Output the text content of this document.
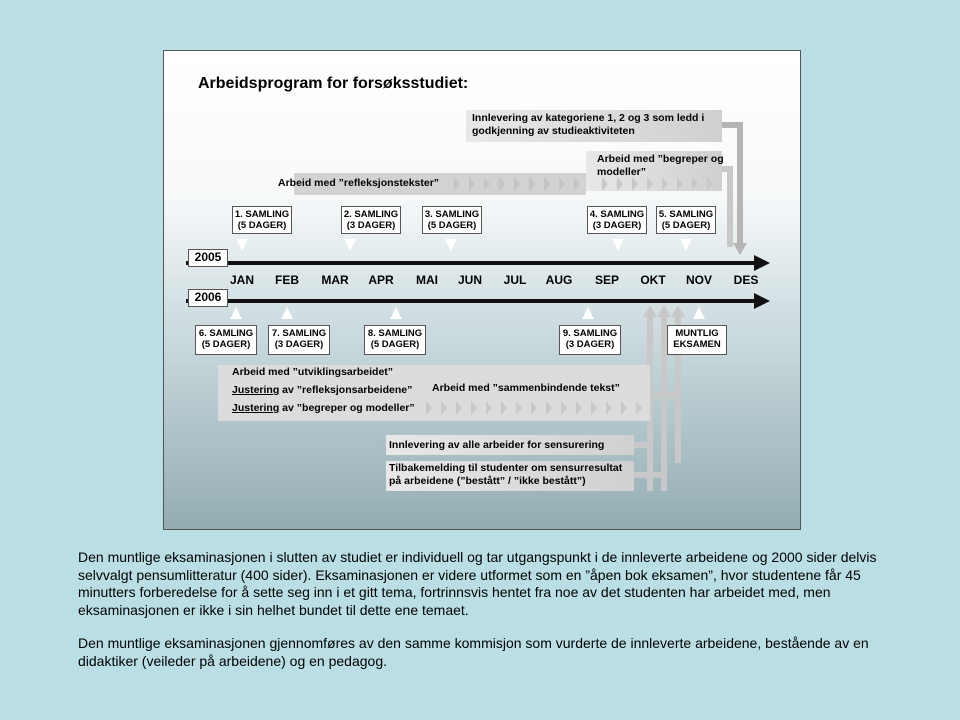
Arbeidsprogram for forsøksstudiet:
Innlevering av kategoriene 1, 2 og 3 som ledd i
godkjenning av studieaktiviteten
Arbeid med ”begreper og
modeller”
Arbeid med ”refleksjonstekster”
1. SAMLING
(5 DAGER)
2. SAMLING
(3 DAGER)
3. SAMLING
(5 DAGER)
4. SAMLING
(3 DAGER)
5. SAMLING
(5 DAGER)
2005
2006
JAN	FEB	MAR	APR	MAI	JUN	JUL	AUG	SEP	OKT	NOV	DES
6. SAMLING
(5 DAGER)
7. SAMLING
(3 DAGER)
8. SAMLING
(5 DAGER)
9. SAMLING
(3 DAGER)
MUNTLIG
EKSAMEN
Arbeid med ”utviklingsarbeidet”
Justering av ”refleksjonsarbeidene”
Justering av ”begreper og modeller”
Arbeid med ”sammenbindende tekst”
Innlevering av alle arbeider for sensurering
Tilbakemelding til studenter om sensurresultat
på arbeidene (”bestått” / ”ikke bestått”)
Den muntlige eksaminasjonen i slutten av studiet er individuell og tar utgangspunkt i de innleverte arbeidene og 2000 sider delvis selvvalgt pensumlitteratur (400 sider). Eksaminasjonen er videre utformet som en ”åpen bok eksamen”, hvor studentene får 45 minutters forberedelse for å sette seg inn i et gitt tema, fortrinnsvis hentet fra noe av det studenten har arbeidet med, men eksaminasjonen er ikke i sin helhet bundet til dette ene temaet.
Den muntlige eksaminasjonen gjennomføres av den samme kommisjon som vurderte de innleverte arbeidene, bestående av en didaktiker (veileder på arbeidene) og en pedagog.
